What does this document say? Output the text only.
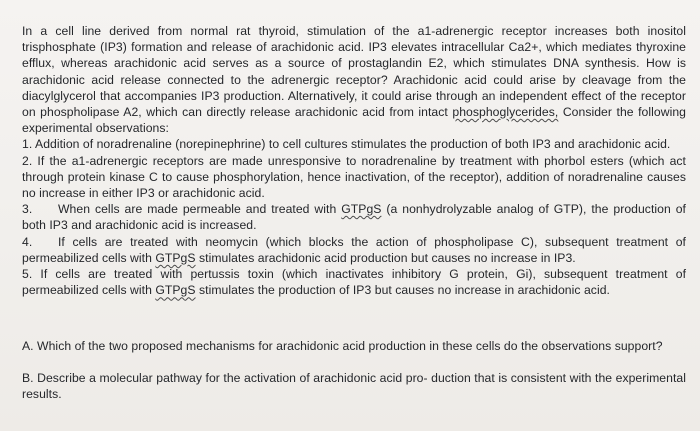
In a cell line derived from normal rat thyroid, stimulation of the a1-adrenergic receptor increases both inositol trisphosphate (IP3) formation and release of arachidonic acid. IP3 elevates intracellular Ca2+, which mediates thyroxine efflux, whereas arachidonic acid serves as a source of prostaglandin E2, which stimulates DNA synthesis. How is arachidonic acid release connected to the adrenergic receptor? Arachidonic acid could arise by cleavage from the diacylglycerol that accompanies IP3 production. Alternatively, it could arise through an independent effect of the receptor on phospholipase A2, which can directly release arachidonic acid from intact phosphoglycerides, Consider the following experimental observations:

1. Addition of noradrenaline (norepinephrine) to cell cultures stimulates the production of both IP3 and arachidonic acid.

2. If the a1-adrenergic receptors are made unresponsive to noradrenaline by treatment with phorbol esters (which act through protein kinase C to cause phosphorylation, hence inactivation, of the receptor), addition of noradrenaline causes no increase in either IP3 or arachidonic acid.

3. When cells are made permeable and treated with GTPgS (a nonhydrolyzable analog of GTP), the production of both IP3 and arachidonic acid is increased.

4. If cells are treated with neomycin (which blocks the action of phospholipase C), subsequent treatment of permeabilized cells with GTPgS stimulates arachidonic acid production but causes no increase in IP3.

5. If cells are treated with pertussis toxin (which inactivates inhibitory G protein, Gi), subsequent treatment of permeabilized cells with GTPgS stimulates the production of IP3 but causes no increase in arachidonic acid.

A. Which of the two proposed mechanisms for arachidonic acid production in these cells do the observations support?

B. Describe a molecular pathway for the activation of arachidonic acid pro- duction that is consistent with the experimental results.
